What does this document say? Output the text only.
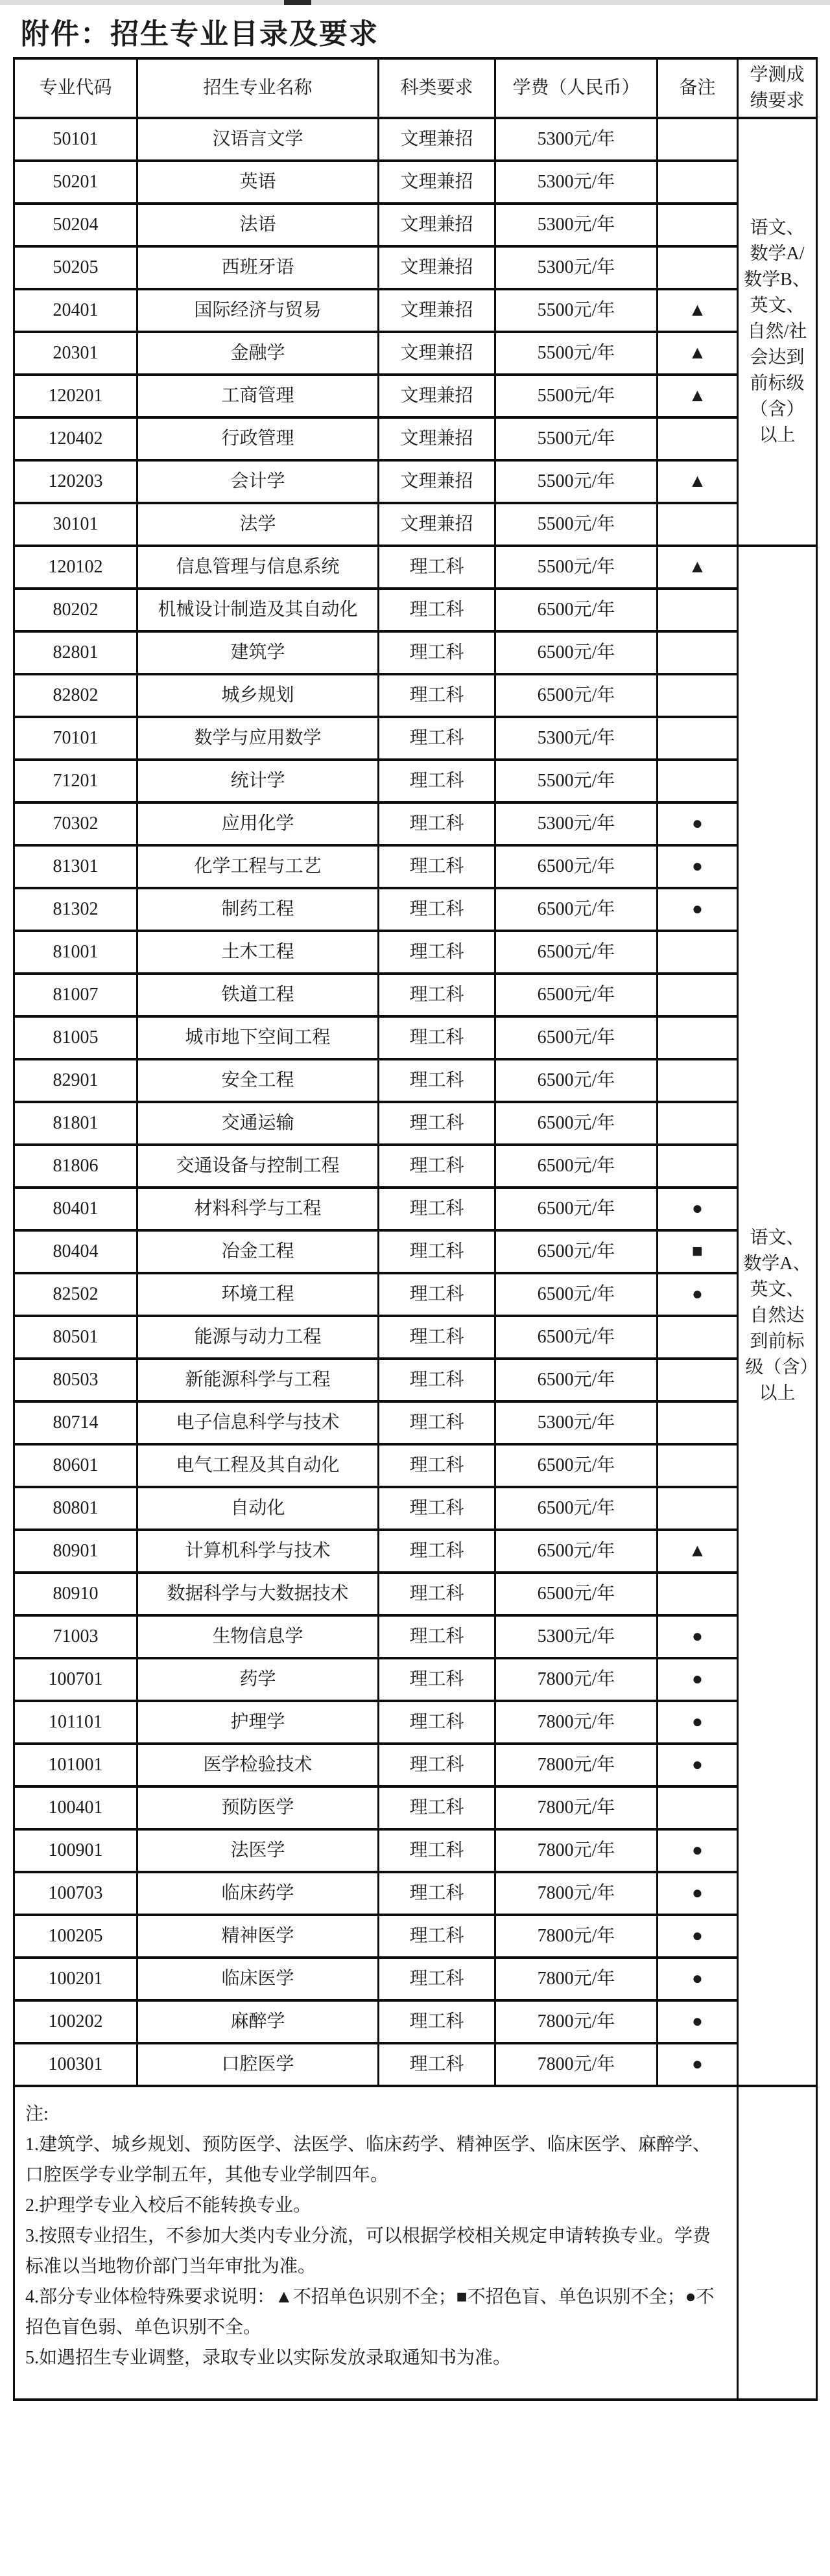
附件：招生专业目录及要求
专业代码	招生专业名称	科类要求	学费（人民币）	备注	学测成绩要求
50101	汉语言文学	文理兼招	5300元/年		语文、数学A/数学B、英文、自然/社会达到前标级（含）以上
50201	英语	文理兼招	5300元/年		
50204	法语	文理兼招	5300元/年		
50205	西班牙语	文理兼招	5300元/年		
20401	国际经济与贸易	文理兼招	5500元/年	▲	
20301	金融学	文理兼招	5500元/年	▲	
120201	工商管理	文理兼招	5500元/年	▲	
120402	行政管理	文理兼招	5500元/年		
120203	会计学	文理兼招	5500元/年	▲	
30101	法学	文理兼招	5500元/年		
120102	信息管理与信息系统	理工科	5500元/年	▲	语文、数学A、英文、自然达到前标级（含）以上
80202	机械设计制造及其自动化	理工科	6500元/年		
82801	建筑学	理工科	6500元/年		
82802	城乡规划	理工科	6500元/年		
70101	数学与应用数学	理工科	5300元/年		
71201	统计学	理工科	5500元/年		
70302	应用化学	理工科	5300元/年	●	
81301	化学工程与工艺	理工科	6500元/年	●	
81302	制药工程	理工科	6500元/年	●	
81001	土木工程	理工科	6500元/年		
81007	铁道工程	理工科	6500元/年		
81005	城市地下空间工程	理工科	6500元/年		
82901	安全工程	理工科	6500元/年		
81801	交通运输	理工科	6500元/年		
81806	交通设备与控制工程	理工科	6500元/年		
80401	材料科学与工程	理工科	6500元/年	●	
80404	冶金工程	理工科	6500元/年	■	
82502	环境工程	理工科	6500元/年	●	
80501	能源与动力工程	理工科	6500元/年		
80503	新能源科学与工程	理工科	6500元/年		
80714	电子信息科学与技术	理工科	5300元/年		
80601	电气工程及其自动化	理工科	6500元/年		
80801	自动化	理工科	6500元/年		
80901	计算机科学与技术	理工科	6500元/年	▲	
80910	数据科学与大数据技术	理工科	6500元/年		
71003	生物信息学	理工科	5300元/年	●	
100701	药学	理工科	7800元/年	●	
101101	护理学	理工科	7800元/年	●	
101001	医学检验技术	理工科	7800元/年	●	
100401	预防医学	理工科	7800元/年		
100901	法医学	理工科	7800元/年	●	
100703	临床药学	理工科	7800元/年	●	
100205	精神医学	理工科	7800元/年	●	
100201	临床医学	理工科	7800元/年	●	
100202	麻醉学	理工科	7800元/年	●	
100301	口腔医学	理工科	7800元/年	●	

注:

1.建筑学、城乡规划、预防医学、法医学、临床药学、精神医学、临床医学、麻醉学、口腔医学专业学制五年，其他专业学制四年。

2.护理学专业入校后不能转换专业。

3.按照专业招生，不参加大类内专业分流，可以根据学校相关规定申请转换专业。学费标准以当地物价部门当年审批为准。

4.部分专业体检特殊要求说明：▲不招单色识别不全；■不招色盲、单色识别不全；●不招色盲色弱、单色识别不全。

5.如遇招生专业调整，录取专业以实际发放录取通知书为准。
